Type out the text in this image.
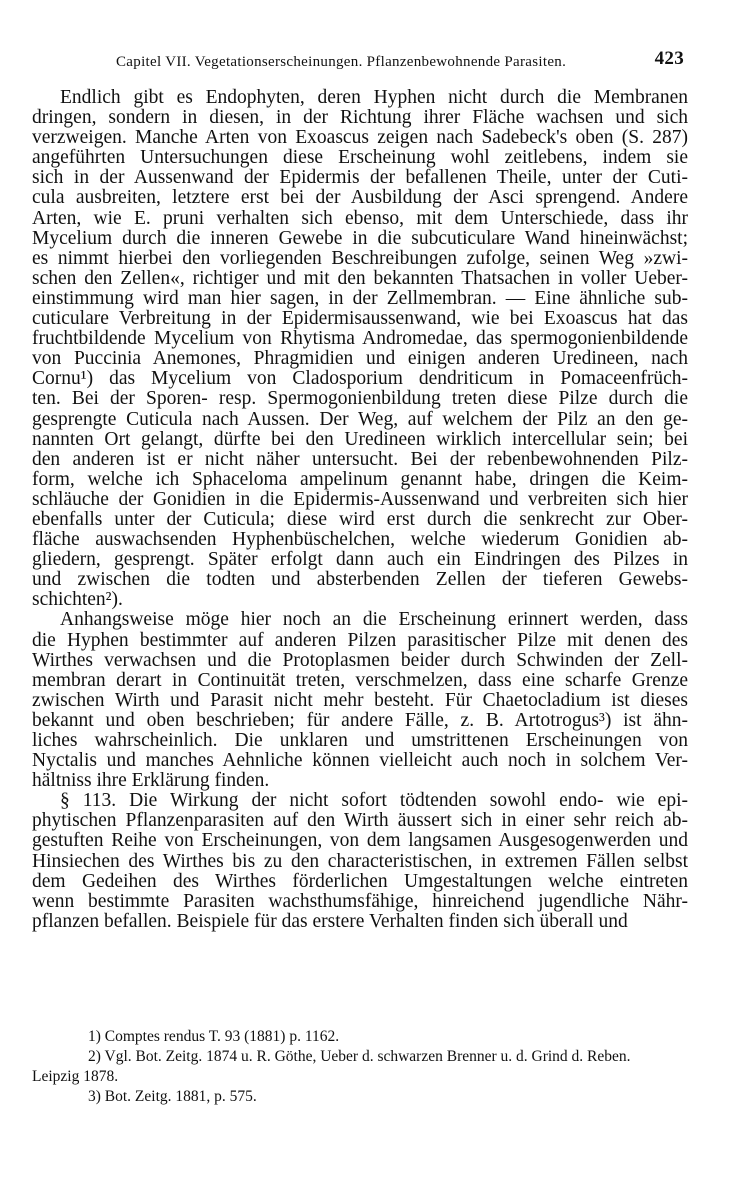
Capitel VII. Vegetationserscheinungen. Pflanzenbewohnende Parasiten.	423

Endlich gibt es Endophyten, deren Hyphen nicht durch die Membranen
dringen, sondern in diesen, in der Richtung ihrer Fläche wachsen und sich
verzweigen. Manche Arten von Exoascus zeigen nach Sadebeck's oben (S. 287)
angeführten Untersuchungen diese Erscheinung wohl zeitlebens, indem sie
sich in der Aussenwand der Epidermis der befallenen Theile, unter der Cuti-
cula ausbreiten, letztere erst bei der Ausbildung der Asci sprengend. Andere
Arten, wie E. pruni verhalten sich ebenso, mit dem Unterschiede, dass ihr
Mycelium durch die inneren Gewebe in die subcuticulare Wand hineinwächst;
es nimmt hierbei den vorliegenden Beschreibungen zufolge, seinen Weg »zwi-
schen den Zellen«, richtiger und mit den bekannten Thatsachen in voller Ueber-
einstimmung wird man hier sagen, in der Zellmembran. — Eine ähnliche sub-
cuticulare Verbreitung in der Epidermisaussenwand, wie bei Exoascus hat das
fruchtbildende Mycelium von Rhytisma Andromedae, das spermogonienbildende
von Puccinia Anemones, Phragmidien und einigen anderen Uredineen, nach
Cornu¹) das Mycelium von Cladosporium dendriticum in Pomaceenfrüch-
ten. Bei der Sporen- resp. Spermogonienbildung treten diese Pilze durch die
gesprengte Cuticula nach Aussen. Der Weg, auf welchem der Pilz an den ge-
nannten Ort gelangt, dürfte bei den Uredineen wirklich intercellular sein; bei
den anderen ist er nicht näher untersucht. Bei der rebenbewohnenden Pilz-
form, welche ich Sphaceloma ampelinum genannt habe, dringen die Keim-
schläuche der Gonidien in die Epidermis-Aussenwand und verbreiten sich hier
ebenfalls unter der Cuticula; diese wird erst durch die senkrecht zur Ober-
fläche auswachsenden Hyphenbüschelchen, welche wiederum Gonidien ab-
gliedern, gesprengt. Später erfolgt dann auch ein Eindringen des Pilzes in
und zwischen die todten und absterbenden Zellen der tieferen Gewebs-
schichten²).

Anhangsweise möge hier noch an die Erscheinung erinnert werden, dass
die Hyphen bestimmter auf anderen Pilzen parasitischer Pilze mit denen des
Wirthes verwachsen und die Protoplasmen beider durch Schwinden der Zell-
membran derart in Continuität treten, verschmelzen, dass eine scharfe Grenze
zwischen Wirth und Parasit nicht mehr besteht. Für Chaetocladium ist dieses
bekannt und oben beschrieben; für andere Fälle, z. B. Artotrogus³) ist ähn-
liches wahrscheinlich. Die unklaren und umstrittenen Erscheinungen von
Nyctalis und manches Aehnliche können vielleicht auch noch in solchem Ver-
hältniss ihre Erklärung finden.

§ 113. Die Wirkung der nicht sofort tödtenden sowohl endo- wie epi-
phytischen Pflanzenparasiten auf den Wirth äussert sich in einer sehr reich ab-
gestuften Reihe von Erscheinungen, von dem langsamen Ausgesogenwerden und
Hinsiechen des Wirthes bis zu den characteristischen, in extremen Fällen selbst
dem Gedeihen des Wirthes förderlichen Umgestaltungen welche eintreten
wenn bestimmte Parasiten wachsthumsfähige, hinreichend jugendliche Nähr-
pflanzen befallen. Beispiele für das erstere Verhalten finden sich überall und

1) Comptes rendus T. 93 (1881) p. 1162.
2) Vgl. Bot. Zeitg. 1874 u. R. Göthe, Ueber d. schwarzen Brenner u. d. Grind d. Reben.
Leipzig 1878.
3) Bot. Zeitg. 1881, p. 575.
